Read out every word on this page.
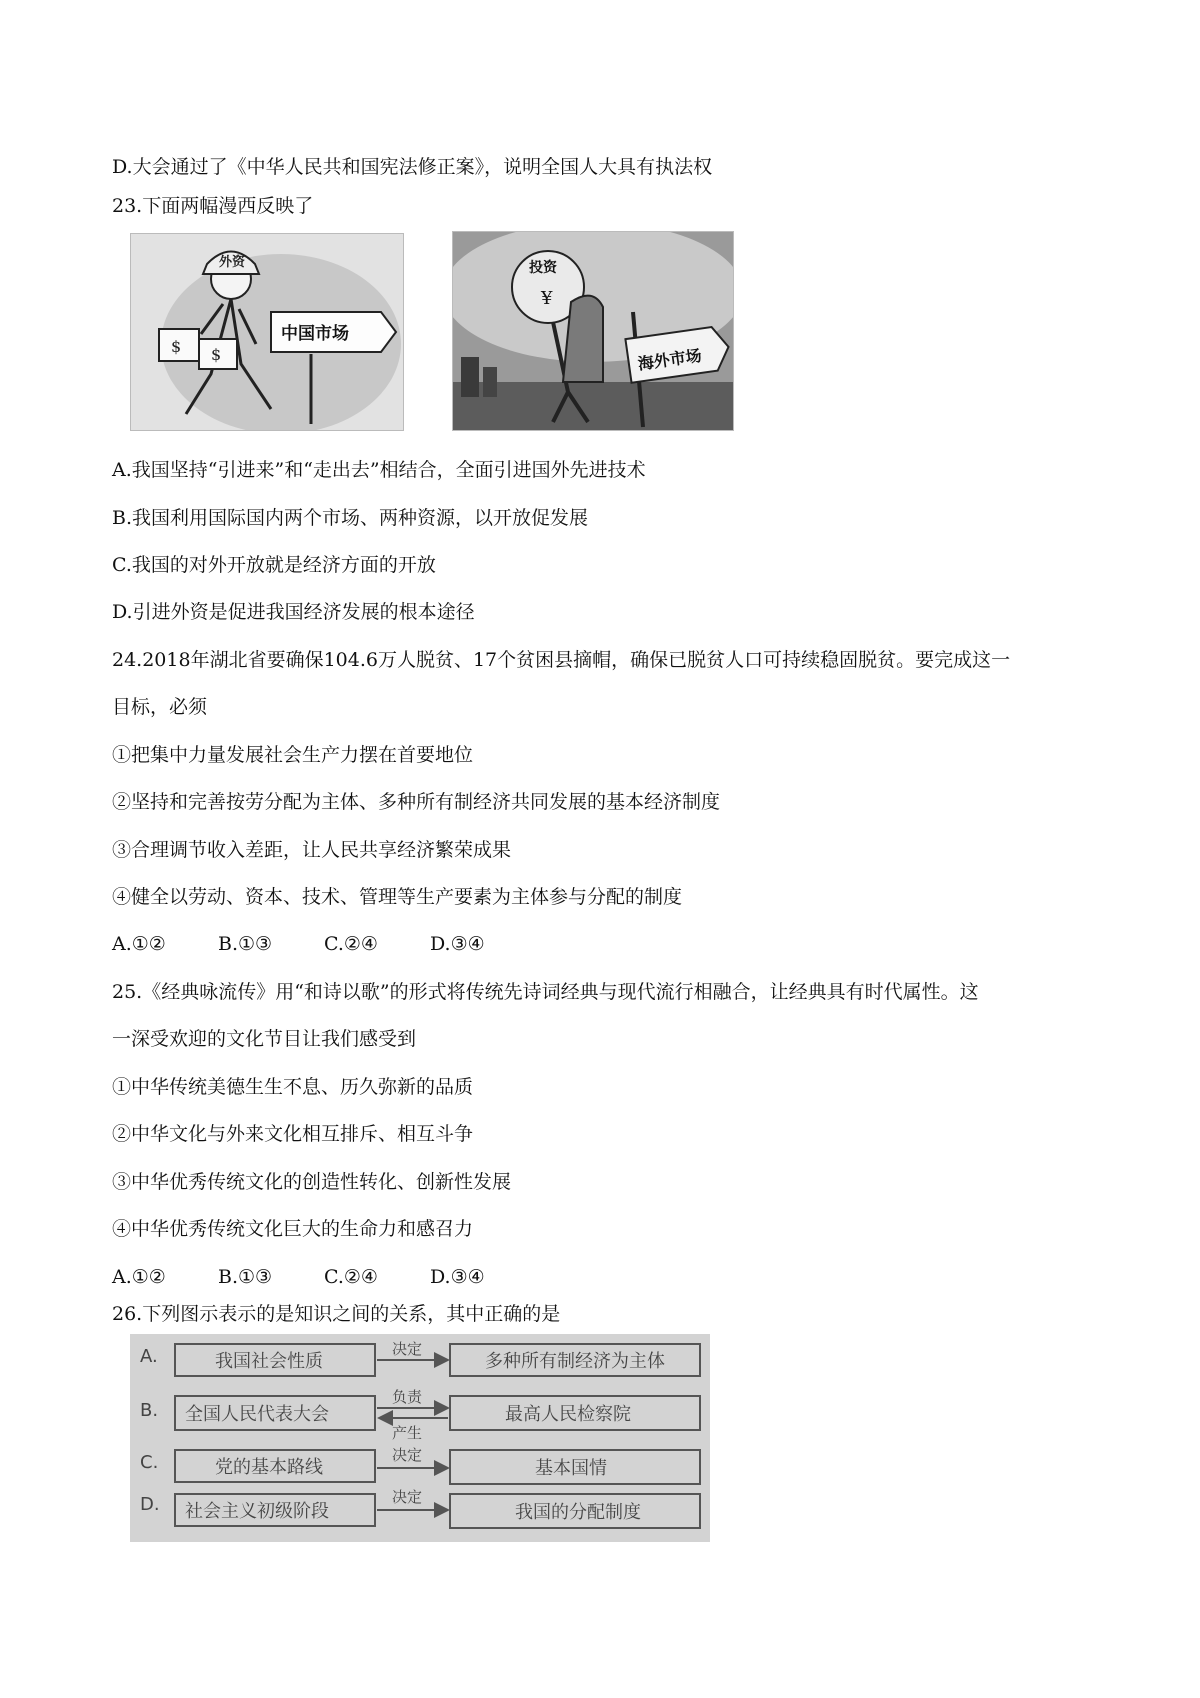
D.大会通过了《中华人民共和国宪法修正案》，说明全国人大具有执法权
23.下面两幅漫西反映了
外资
$ $
中国市场
投资
¥
海外市场
A.我国坚持“引进来”和“走出去”相结合，全面引进国外先进技术
B.我国利用国际国内两个市场、两种资源，以开放促发展
C.我国的对外开放就是经济方面的开放
D.引进外资是促进我国经济发展的根本途径
24.2018年湖北省要确保104.6万人脱贫、17个贫困县摘帽，确保已脱贫人口可持续稳固脱贫。要完成这一
目标，必须
①把集中力量发展社会生产力摆在首要地位
②坚持和完善按劳分配为主体、多种所有制经济共同发展的基本经济制度
③合理调节收入差距，让人民共享经济繁荣成果
④健全以劳动、资本、技术、管理等生产要素为主体参与分配的制度
A.①②	B.①③	C.②④	D.③④
25.《经典咏流传》用“和诗以歌”的形式将传统先诗词经典与现代流行相融合，让经典具有时代属性。这
一深受欢迎的文化节目让我们感受到
①中华传统美德生生不息、历久弥新的品质
②中华文化与外来文化相互排斥、相互斗争
③中华优秀传统文化的创造性转化、创新性发展
④中华优秀传统文化巨大的生命力和感召力
A.①②	B.①③	C.②④	D.③④
26.下列图示表示的是知识之间的关系，其中正确的是
A.	我国社会性质
决定
多种所有制经济为主体
B. 全国人民代表大会
负责
产生
最高人民检察院
C.	党的基本路线
决定
基本国情
D. 社会主义初级阶段
决定
我国的分配制度
